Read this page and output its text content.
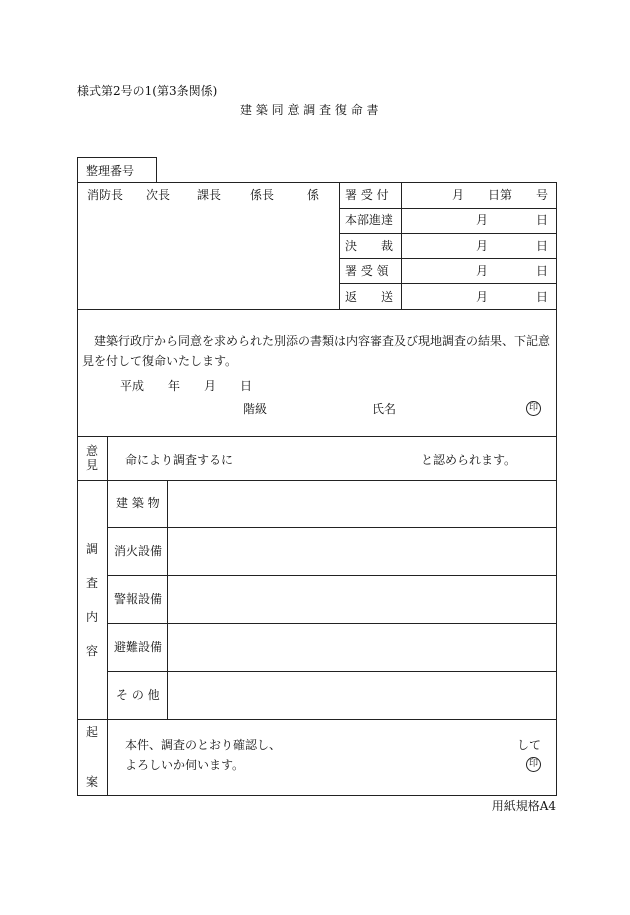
様式第2号の1(第3条関係)
建 築 同 意 調 査 復 命 書
整理番号
消防長 次長 課長 係長	係 署 受 付	月　　日第　　号
本部進達	月　　　　日
決　　裁	月　　　　日
署 受 領	月　　　　日
返　　送	月　　　　日
建築行政庁から同意を求められた別添の書類は内容審査及び現地調査の結果、下記意
見を付して復命いたします。
平成　　年　　月　　日
階級	氏名	印
意
見	命により調査するに	と認められます。
調
査
内
容
建 築 物
消火設備
警報設備
避難設備
そ の 他
起
案
本件、調査のとおり確認し、	して
よろしいか伺います。	印
用紙規格A4
